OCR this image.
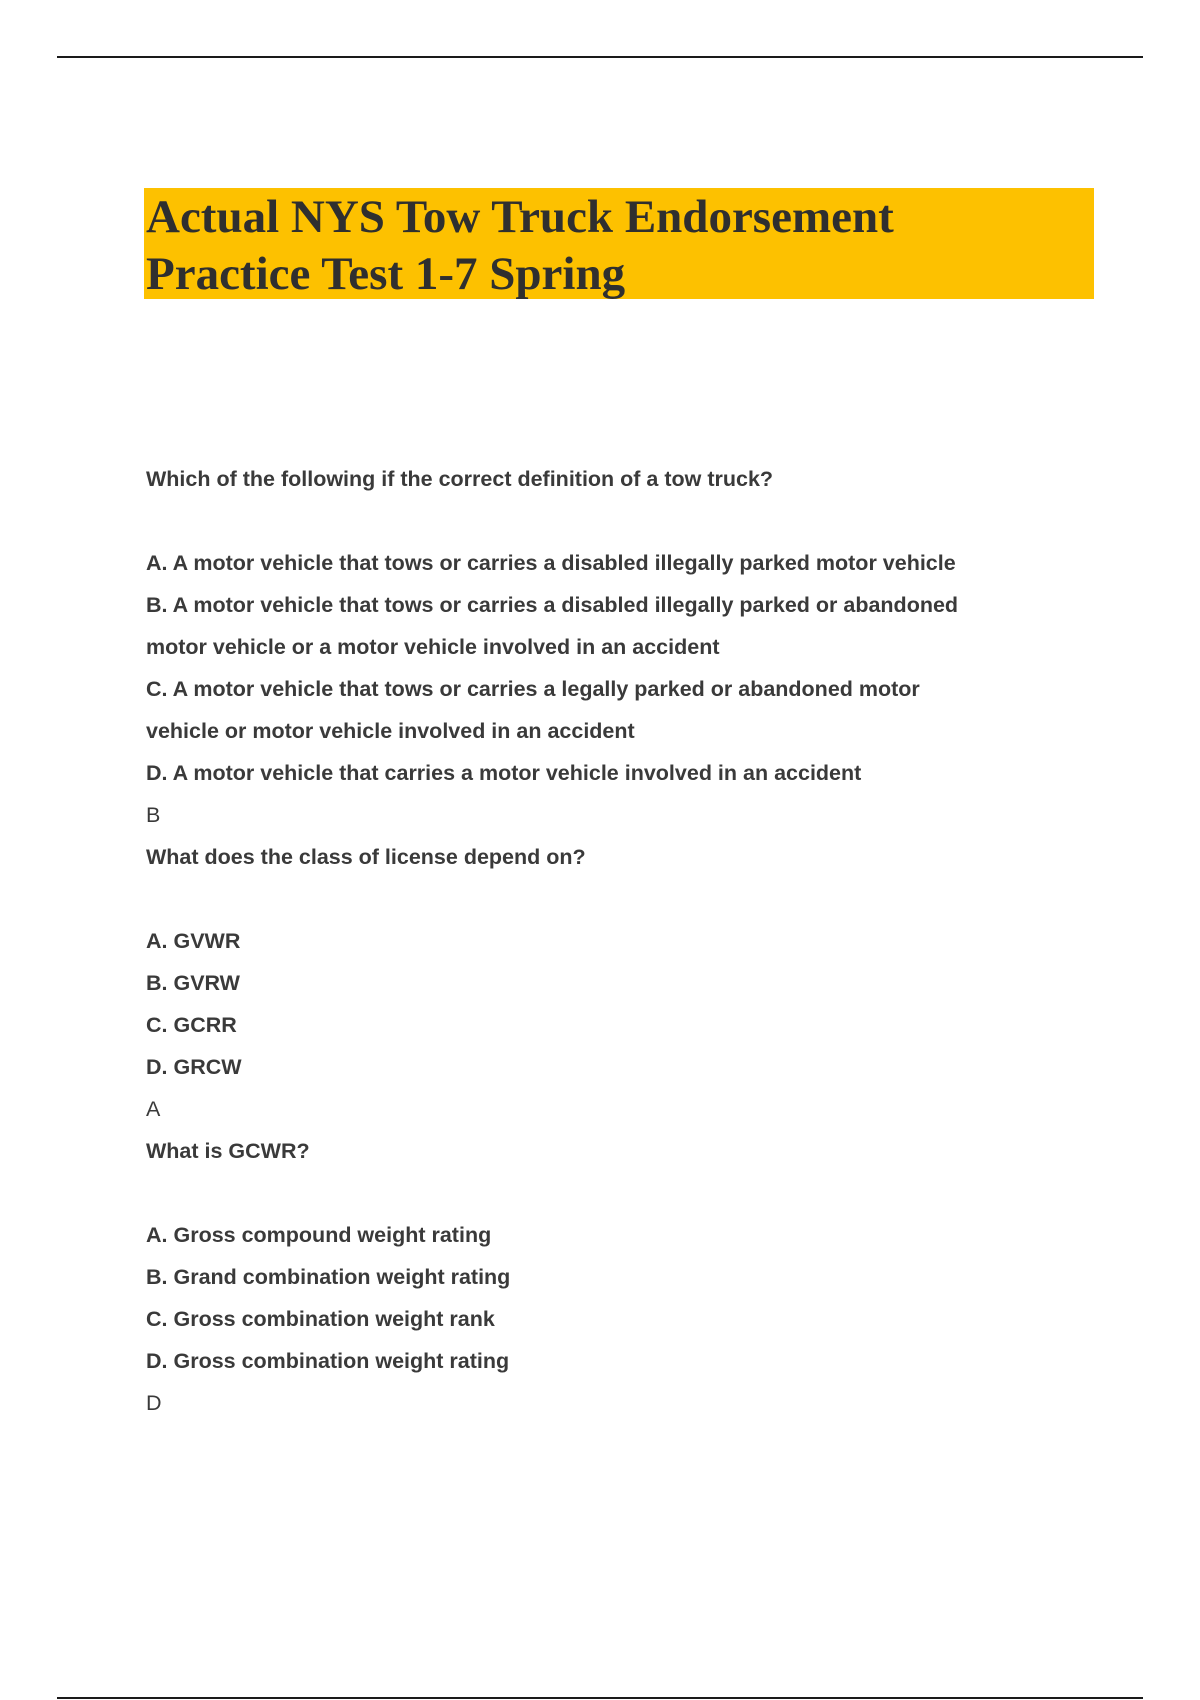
Actual NYS Tow Truck Endorsement
Practice Test 1-7 Spring
Which of the following if the correct definition of a tow truck?
A. A motor vehicle that tows or carries a disabled illegally parked motor vehicle
B. A motor vehicle that tows or carries a disabled illegally parked or abandoned
motor vehicle or a motor vehicle involved in an accident
C. A motor vehicle that tows or carries a legally parked or abandoned motor
vehicle or motor vehicle involved in an accident
D. A motor vehicle that carries a motor vehicle involved in an accident
B
What does the class of license depend on?
A. GVWR
B. GVRW
C. GCRR
D. GRCW
A
What is GCWR?
A. Gross compound weight rating
B. Grand combination weight rating
C. Gross combination weight rank
D. Gross combination weight rating
D
